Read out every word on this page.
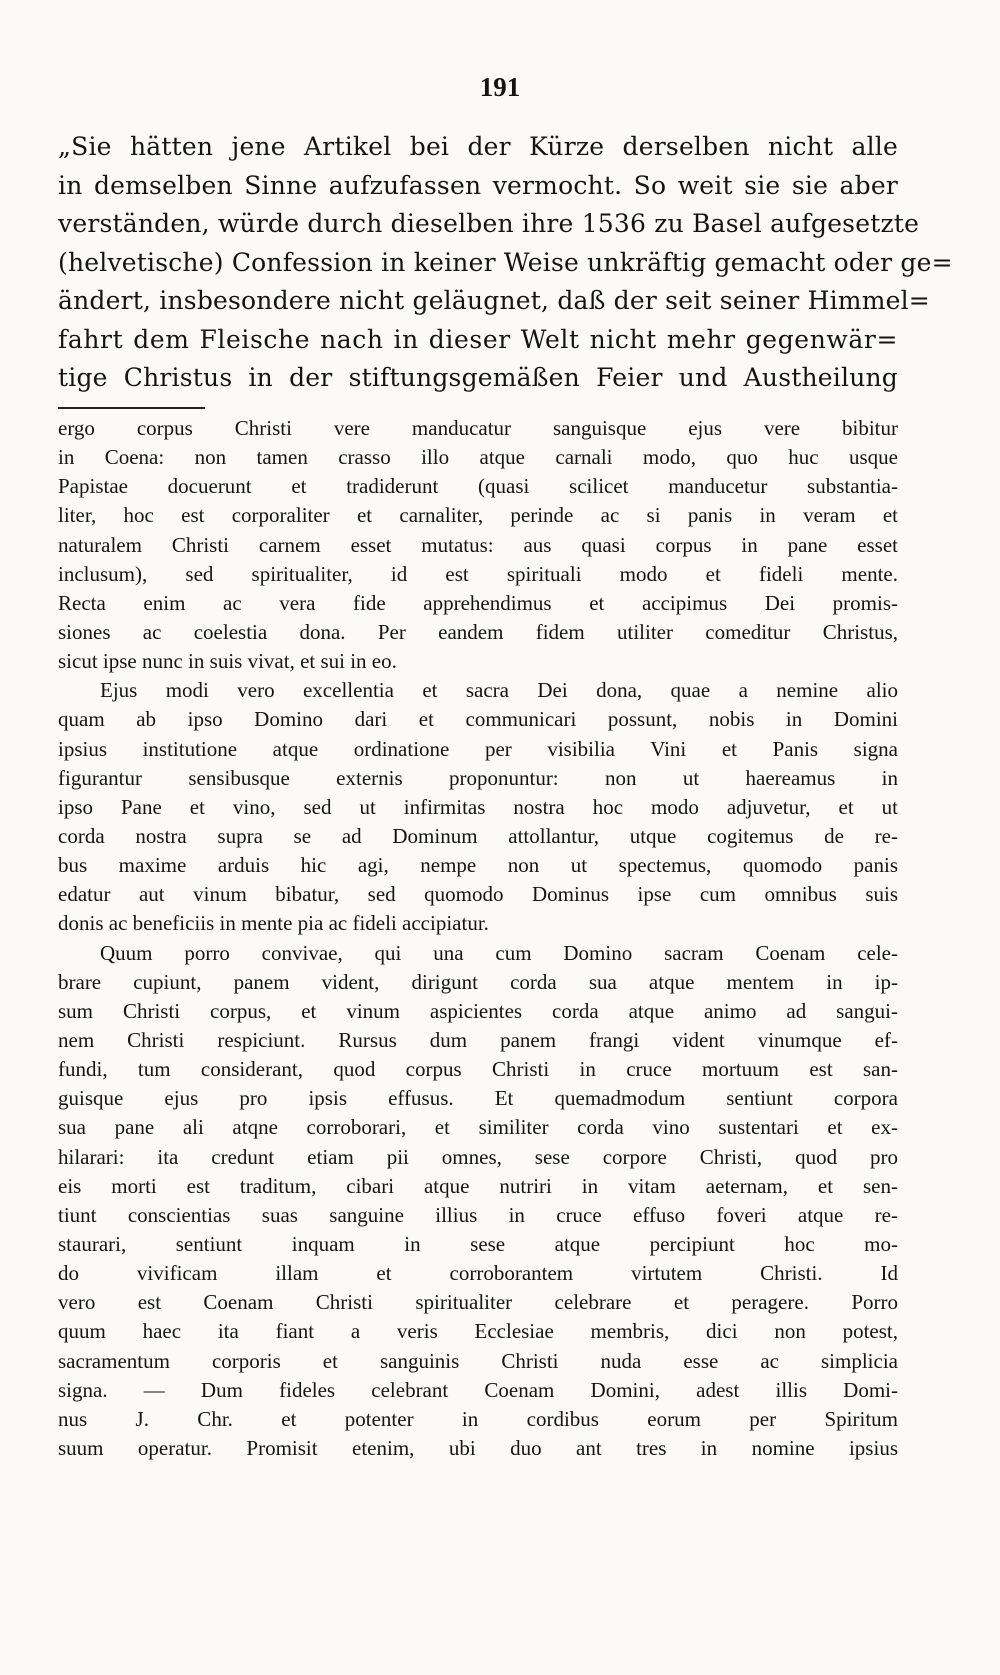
191
„Sie hätten jene Artikel bei der Kürze derselben nicht alle
in demselben Sinne aufzufassen vermocht. So weit sie sie aber
verständen, würde durch dieselben ihre 1536 zu Basel aufgesetzte
(helvetische) Confession in keiner Weise unkräftig gemacht oder ge=
ändert, insbesondere nicht geläugnet, daß der seit seiner Himmel=
fahrt dem Fleische nach in dieser Welt nicht mehr gegenwär=
tige Christus in der stiftungsgemäßen Feier und Austheilung
ergo corpus Christi vere manducatur sanguisque ejus vere bibitur
in Coena: non tamen crasso illo atque carnali modo, quo huc usque
Papistae docuerunt et tradiderunt (quasi scilicet manducetur substantia-
liter, hoc est corporaliter et carnaliter, perinde ac si panis in veram et
naturalem Christi carnem esset mutatus: aus quasi corpus in pane esset
inclusum), sed spiritualiter, id est spirituali modo et fideli mente.
Recta enim ac vera fide apprehendimus et accipimus Dei promis-
siones ac coelestia dona. Per eandem fidem utiliter comeditur Christus,
sicut ipse nunc in suis vivat, et sui in eo.
Ejus modi vero excellentia et sacra Dei dona, quae a nemine alio
quam ab ipso Domino dari et communicari possunt, nobis in Domini
ipsius institutione atque ordinatione per visibilia Vini et Panis signa
figurantur sensibusque externis proponuntur: non ut haereamus in
ipso Pane et vino, sed ut infirmitas nostra hoc modo adjuvetur, et ut
corda nostra supra se ad Dominum attollantur, utque cogitemus de re-
bus maxime arduis hic agi, nempe non ut spectemus, quomodo panis
edatur aut vinum bibatur, sed quomodo Dominus ipse cum omnibus suis
donis ac beneficiis in mente pia ac fideli accipiatur.
Quum porro convivae, qui una cum Domino sacram Coenam cele-
brare cupiunt, panem vident, dirigunt corda sua atque mentem in ip-
sum Christi corpus, et vinum aspicientes corda atque animo ad sangui-
nem Christi respiciunt. Rursus dum panem frangi vident vinumque ef-
fundi, tum considerant, quod corpus Christi in cruce mortuum est san-
guisque ejus pro ipsis effusus. Et quemadmodum sentiunt corpora
sua pane ali atqne corroborari, et similiter corda vino sustentari et ex-
hilarari: ita credunt etiam pii omnes, sese corpore Christi, quod pro
eis morti est traditum, cibari atque nutriri in vitam aeternam, et sen-
tiunt conscientias suas sanguine illius in cruce effuso foveri atque re-
staurari, sentiunt inquam in sese atque percipiunt hoc mo-
do vivificam illam et corroborantem virtutem Christi. Id
vero est Coenam Christi spiritualiter celebrare et peragere. Porro
quum haec ita fiant a veris Ecclesiae membris, dici non potest,
sacramentum corporis et sanguinis Christi nuda esse ac simplicia
signa. — Dum fideles celebrant Coenam Domini, adest illis Domi-
nus J. Chr. et potenter in cordibus eorum per Spiritum
suum operatur. Promisit etenim, ubi duo ant tres in nomine ipsius
